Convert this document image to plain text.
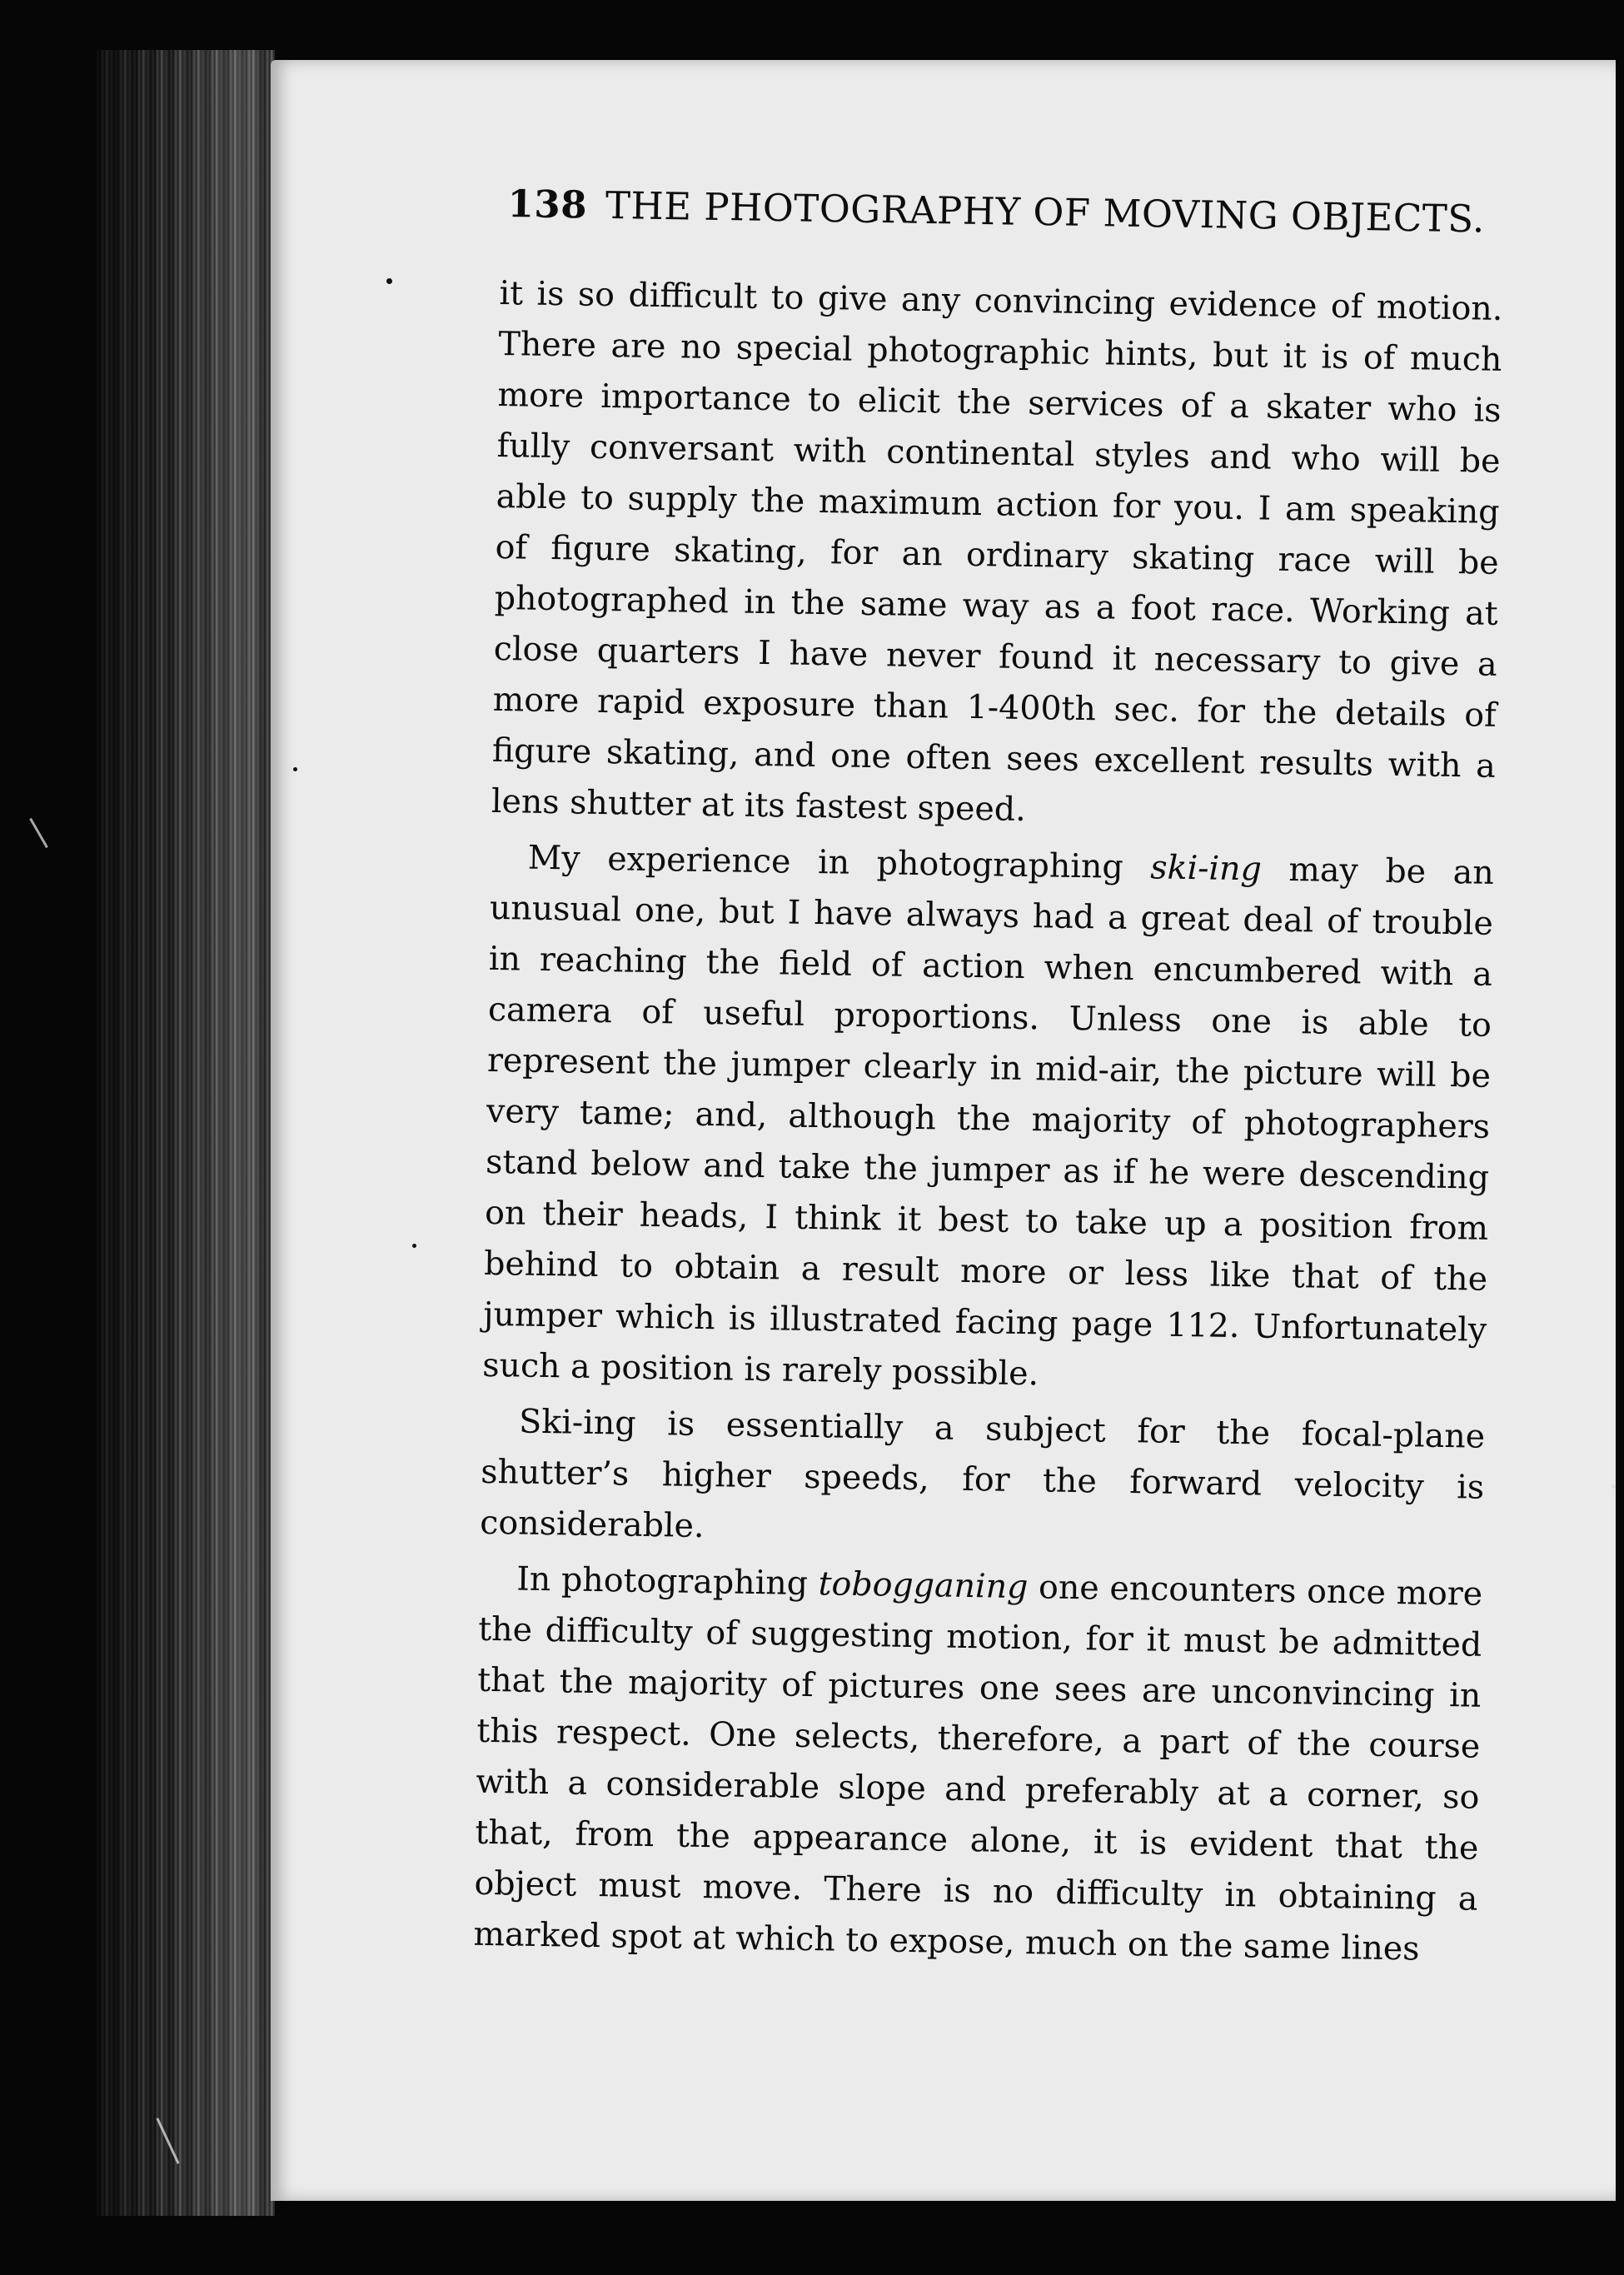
138 THE PHOTOGRAPHY OF MOVING OBJECTS.

it is so difficult to give any convincing evidence of motion. There are no special photographic hints, but it is of much more importance to elicit the services of a skater who is fully conversant with continental styles and who will be able to supply the maximum action for you. I am speaking of figure skating, for an ordinary skating race will be photographed in the same way as a foot race. Working at close quarters I have never found it necessary to give a more rapid exposure than 1-400th sec. for the details of figure skating, and one often sees excellent results with a lens shutter at its fastest speed.

My experience in photographing ski-ing may be an unusual one, but I have always had a great deal of trouble in reaching the field of action when encumbered with a camera of useful proportions. Unless one is able to represent the jumper clearly in mid-air, the picture will be very tame; and, although the majority of photographers stand below and take the jumper as if he were descending on their heads, I think it best to take up a position from behind to obtain a result more or less like that of the jumper which is illustrated facing page 112. Unfortunately such a position is rarely possible.

Ski-ing is essentially a subject for the focal-plane shutter’s higher speeds, for the forward velocity is considerable.

In photographing tobogganing one encounters once more the difficulty of suggesting motion, for it must be admitted that the majority of pictures one sees are unconvincing in this respect. One selects, therefore, a part of the course with a considerable slope and preferably at a corner, so that, from the appearance alone, it is evident that the object must move. There is no difficulty in obtaining a marked spot at which to expose, much on the same lines
